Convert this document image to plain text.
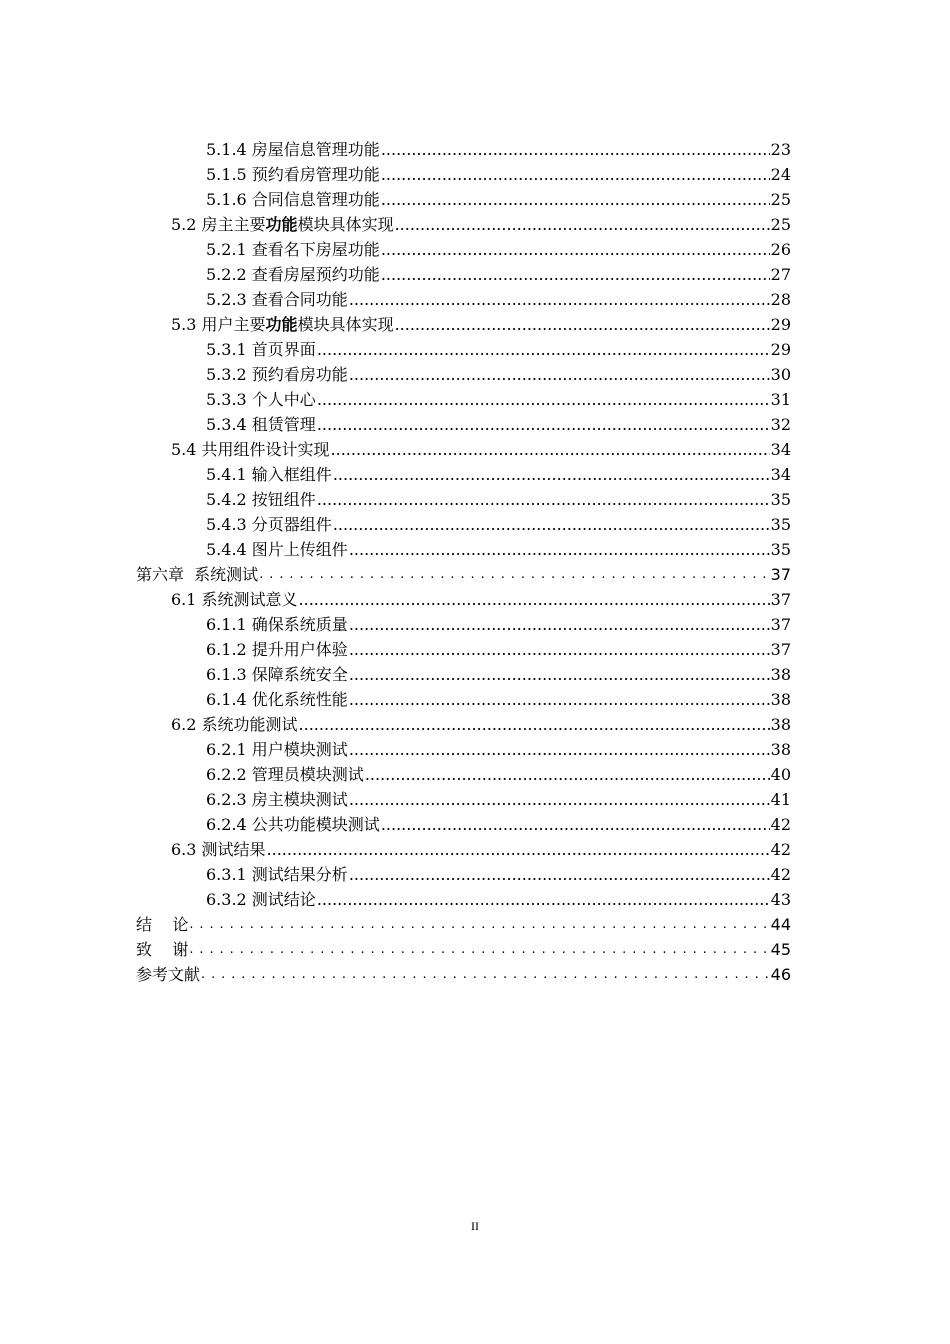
5.1.4 房屋信息管理功能 .....	23
5.1.5 预约看房管理功能 .....	24
5.1.6 合同信息管理功能 .....	25
5.2 房主主要功能模块具体实现 .....	25
5.2.1 查看名下房屋功能 .....	26
5.2.2 查看房屋预约功能 .....	27
5.2.3 查看合同功能 .....	28
5.3 用户主要功能模块具体实现 .....	29
5.3.1 首页界面 .....	29
5.3.2 预约看房功能 .....	30
5.3.3 个人中心 .....	31
5.3.4 租赁管理 .....	32
5.4 共用组件设计实现 .....	34
5.4.1 输入框组件 .....	34
5.4.2 按钮组件 .....	35
5.4.3 分页器组件 .....	35
5.4.4 图片上传组件 .....	35
第六章  系统测试 . . .	37
6.1 系统测试意义 .....	37
6.1.1 确保系统质量 .....	37
6.1.2 提升用户体验 .....	37
6.1.3 保障系统安全 .....	38
6.1.4 优化系统性能 .....	38
6.2 系统功能测试 .....	38
6.2.1 用户模块测试 .....	38
6.2.2 管理员模块测试 .....	40
6.2.3 房主模块测试 .....	41
6.2.4 公共功能模块测试 .....	42
6.3 测试结果 .....	42
6.3.1 测试结果分析 .....	42
6.3.2 测试结论 .....	43
结    论 . . .	44
致    谢 . . .	45
参考文献 . . .	46
II
